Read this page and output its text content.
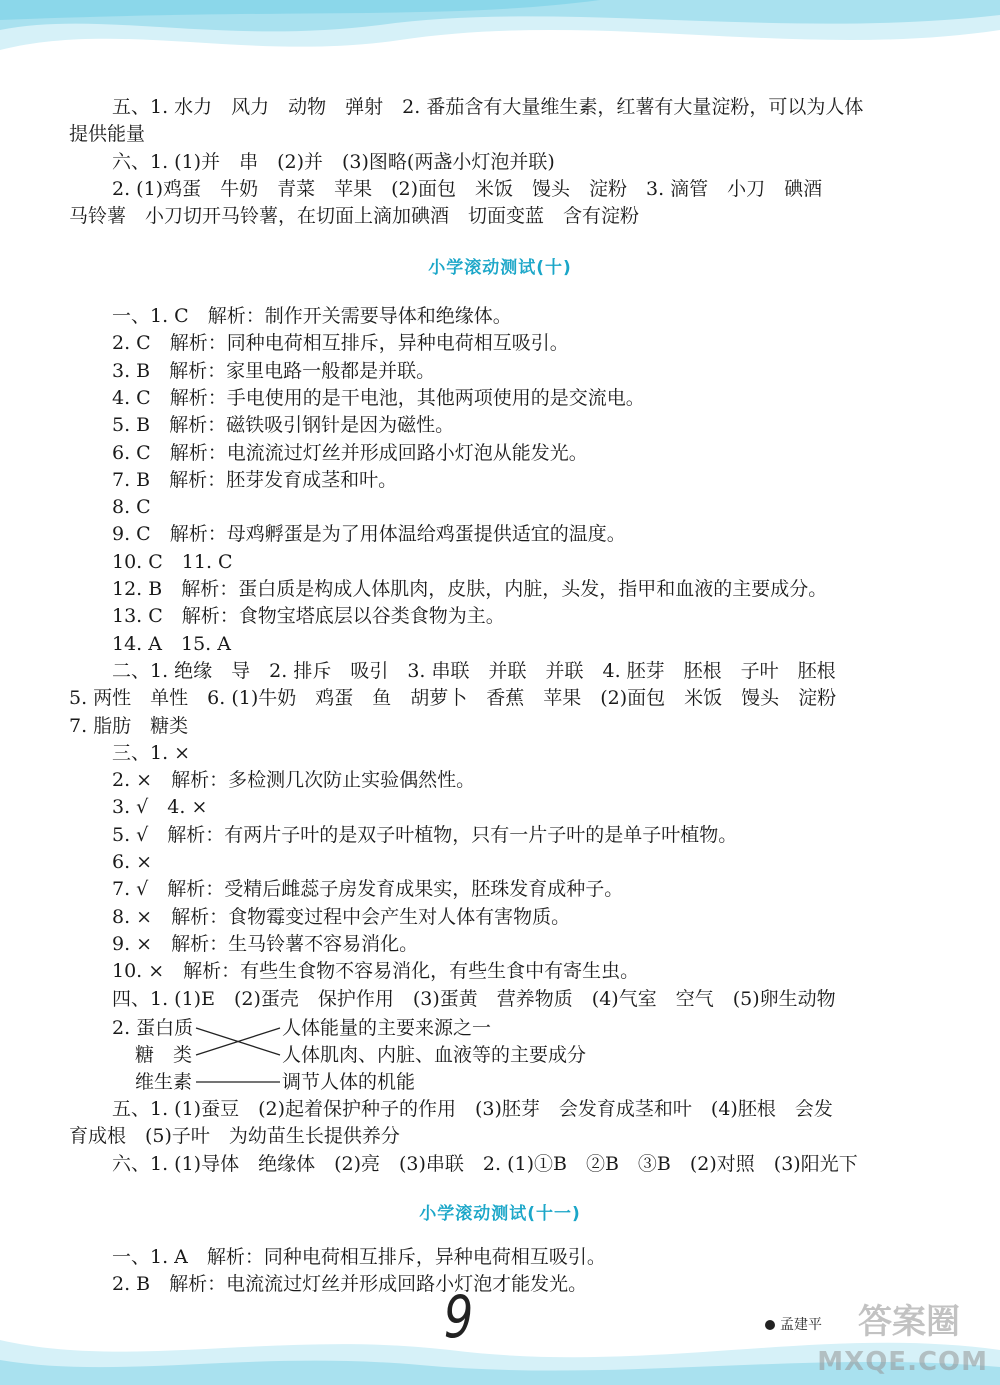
五、1. 水力　风力　动物　弹射　2. 番茄含有大量维生素，红薯有大量淀粉，可以为人体
提供能量
六、1. (1)并　串　(2)并　(3)图略(两盏小灯泡并联)
2. (1)鸡蛋　牛奶　青菜　苹果　(2)面包　米饭　馒头　淀粉　3. 滴管　小刀　碘酒
马铃薯　小刀切开马铃薯，在切面上滴加碘酒　切面变蓝　含有淀粉
小学滚动测试(十)
一、1. C　解析：制作开关需要导体和绝缘体。
2. C　解析：同种电荷相互排斥，异种电荷相互吸引。
3. B　解析：家里电路一般都是并联。
4. C　解析：手电使用的是干电池，其他两项使用的是交流电。
5. B　解析：磁铁吸引钢针是因为磁性。
6. C　解析：电流流过灯丝并形成回路小灯泡从能发光。
7. B　解析：胚芽发育成茎和叶。
8. C
9. C　解析：母鸡孵蛋是为了用体温给鸡蛋提供适宜的温度。
10. C　11. C
12. B　解析：蛋白质是构成人体肌肉，皮肤，内脏，头发，指甲和血液的主要成分。
13. C　解析：食物宝塔底层以谷类食物为主。
14. A　15. A
二、1. 绝缘　导　2. 排斥　吸引　3. 串联　并联　并联　4. 胚芽　胚根　子叶　胚根
5. 两性　单性　6. (1)牛奶　鸡蛋　鱼　胡萝卜　香蕉　苹果　(2)面包　米饭　馒头　淀粉
7. 脂肪　糖类
三、1. ×
2. ×　解析：多检测几次防止实验偶然性。
3. √　4. ×
5. √　解析：有两片子叶的是双子叶植物，只有一片子叶的是单子叶植物。
6. ×
7. √　解析：受精后雌蕊子房发育成果实，胚珠发育成种子。
8. ×　解析：食物霉变过程中会产生对人体有害物质。
9. ×　解析：生马铃薯不容易消化。
10. ×　解析：有些生食物不容易消化，有些生食中有寄生虫。
四、1. (1)E　(2)蛋壳　保护作用　(3)蛋黄　营养物质　(4)气室　空气　(5)卵生动物
2. 蛋白质
糖　类
维生素
人体能量的主要来源之一
人体肌肉、内脏、血液等的主要成分
调节人体的机能
五、1. (1)蚕豆　(2)起着保护种子的作用　(3)胚芽　会发育成茎和叶　(4)胚根　会发
育成根　(5)子叶　为幼苗生长提供养分
六、1. (1)导体　绝缘体　(2)亮　(3)串联　2. (1)①B　②B　③B　(2)对照　(3)阳光下
小学滚动测试(十一)
一、1. A　解析：同种电荷相互排斥，异种电荷相互吸引。
2. B　解析：电流流过灯丝并形成回路小灯泡才能发光。
9	孟建平 答案圈
MXQE.COM
